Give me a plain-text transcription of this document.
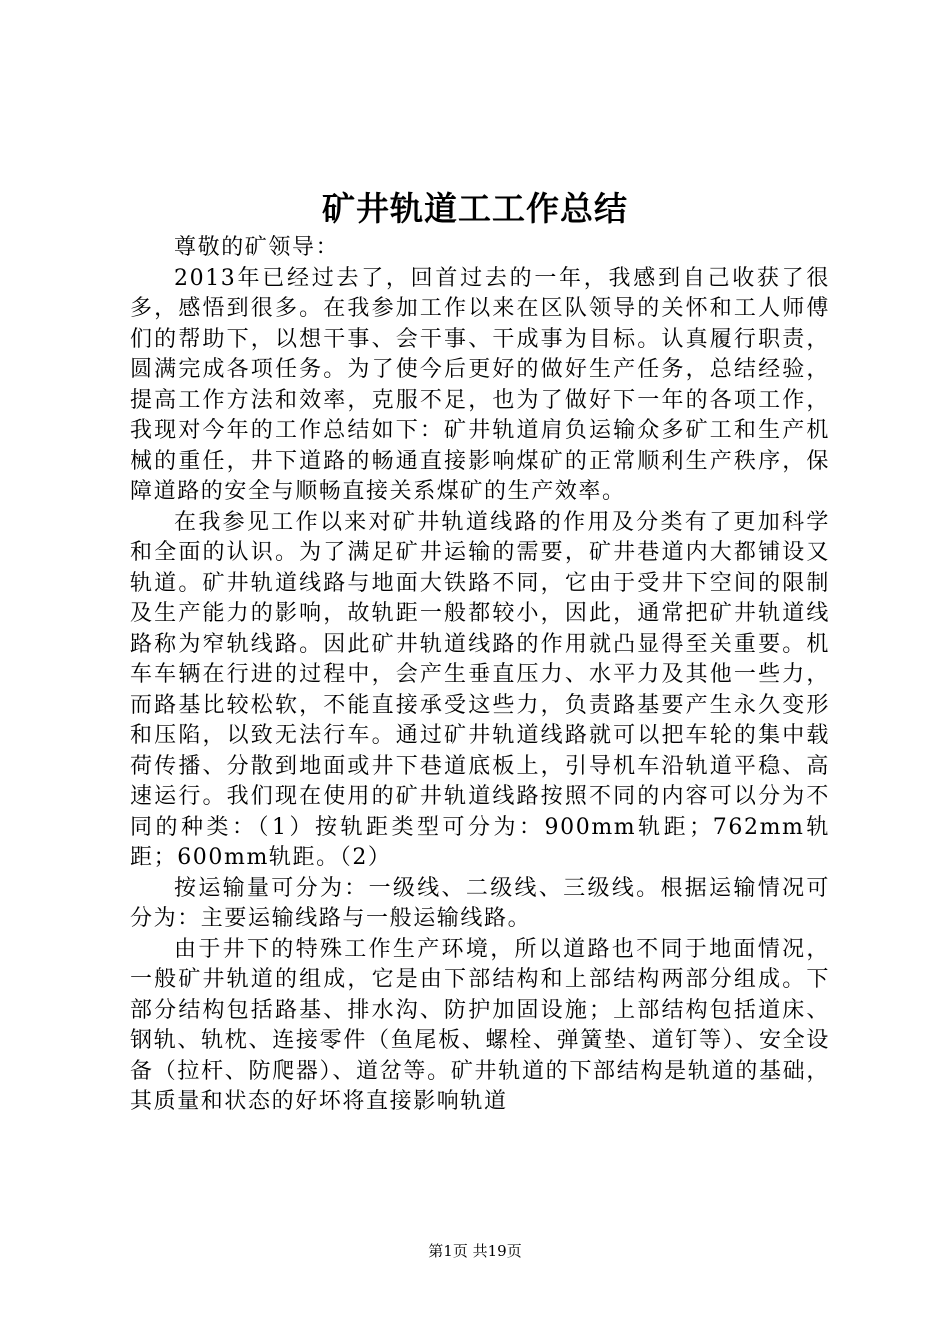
矿井轨道工工作总结

尊敬的矿领导：

2013年已经过去了，回首过去的一年，我感到自己收获了很多，感悟到很多。在我参加工作以来在区队领导的关怀和工人师傅们的帮助下，以想干事、会干事、干成事为目标。认真履行职责，圆满完成各项任务。为了使今后更好的做好生产任务，总结经验，提高工作方法和效率，克服不足，也为了做好下一年的各项工作，我现对今年的工作总结如下：矿井轨道肩负运输众多矿工和生产机械的重任，井下道路的畅通直接影响煤矿的正常顺利生产秩序，保障道路的安全与顺畅直接关系煤矿的生产效率。

在我参见工作以来对矿井轨道线路的作用及分类有了更加科学和全面的认识。为了满足矿井运输的需要，矿井巷道内大都铺设又轨道。矿井轨道线路与地面大铁路不同，它由于受井下空间的限制及生产能力的影响，故轨距一般都较小，因此，通常把矿井轨道线路称为窄轨线路。因此矿井轨道线路的作用就凸显得至关重要。机车车辆在行进的过程中，会产生垂直压力、水平力及其他一些力，而路基比较松软，不能直接承受这些力，负责路基要产生永久变形和压陷，以致无法行车。通过矿井轨道线路就可以把车轮的集中载荷传播、分散到地面或井下巷道底板上，引导机车沿轨道平稳、高速运行。我们现在使用的矿井轨道线路按照不同的内容可以分为不同的种类：（1）按轨距类型可分为：900mm轨距；762mm轨距；600mm轨距。（2）

按运输量可分为：一级线、二级线、三级线。根据运输情况可分为：主要运输线路与一般运输线路。

由于井下的特殊工作生产环境，所以道路也不同于地面情况，一般矿井轨道的组成，它是由下部结构和上部结构两部分组成。下部分结构包括路基、排水沟、防护加固设施；上部结构包括道床、钢轨、轨枕、连接零件（鱼尾板、螺栓、弹簧垫、道钉等）、安全设备（拉杆、防爬器）、道岔等。矿井轨道的下部结构是轨道的基础，其质量和状态的好坏将直接影响轨道

第1页 共19页
